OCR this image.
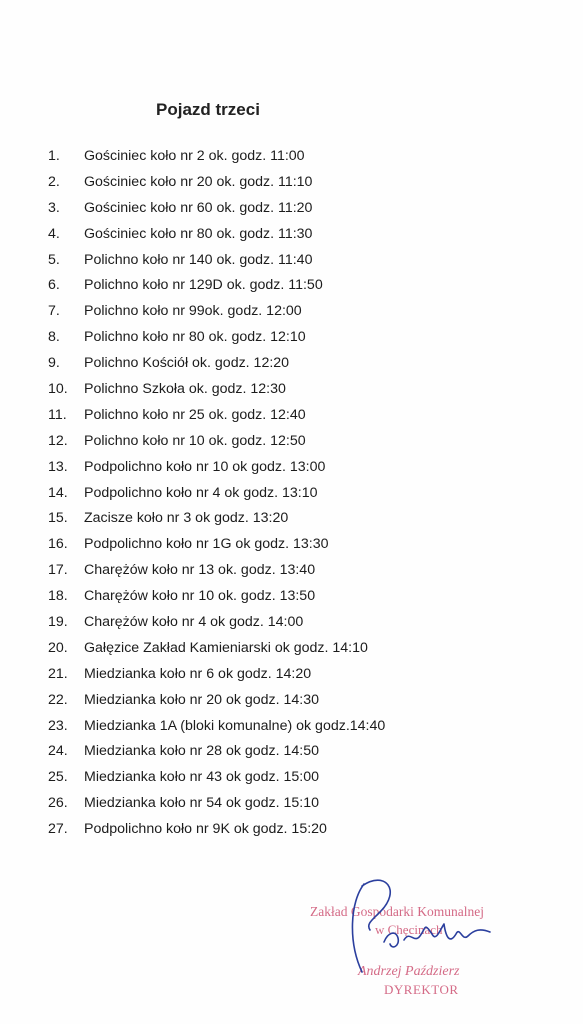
Pojazd trzeci
1.	Gościniec koło nr 2 ok. godz. 11:00
2.	Gościniec koło nr 20 ok. godz. 11:10
3.	Gościniec koło nr 60 ok. godz. 11:20
4.	Gościniec koło nr 80 ok. godz. 11:30
5.	Polichno koło nr 140 ok. godz. 11:40
6.	Polichno koło nr 129D ok. godz. 11:50
7.	Polichno koło nr 99ok. godz. 12:00
8.	Polichno koło nr 80 ok. godz. 12:10
9.	Polichno Kościół ok. godz. 12:20
10.	Polichno Szkoła ok. godz. 12:30
11.	Polichno koło nr 25 ok. godz. 12:40
12.	Polichno koło nr 10 ok. godz. 12:50
13.	Podpolichno koło nr 10 ok godz. 13:00
14.	Podpolichno koło nr 4 ok godz. 13:10
15.	Zacisze koło nr 3 ok godz. 13:20
16.	Podpolichno koło nr 1G ok godz. 13:30
17.	Charężów koło nr 13 ok. godz. 13:40
18.	Charężów koło nr 10 ok. godz. 13:50
19.	Charężów koło nr 4 ok godz. 14:00
20.	Gałęzice Zakład Kamieniarski ok godz. 14:10
21.	Miedzianka koło nr 6 ok godz. 14:20
22.	Miedzianka koło nr 20 ok godz. 14:30
23.	Miedzianka 1A (bloki komunalne) ok godz.14:40
24.	Miedzianka koło nr 28 ok godz. 14:50
25.	Miedzianka koło nr 43 ok godz. 15:00
26.	Miedzianka koło nr 54 ok godz. 15:10
27.	Podpolichno koło nr 9K ok godz. 15:20
Zakład Gospodarki Komunalnej
w Chęcinach
Andrzej Paździerz
DYREKTOR
